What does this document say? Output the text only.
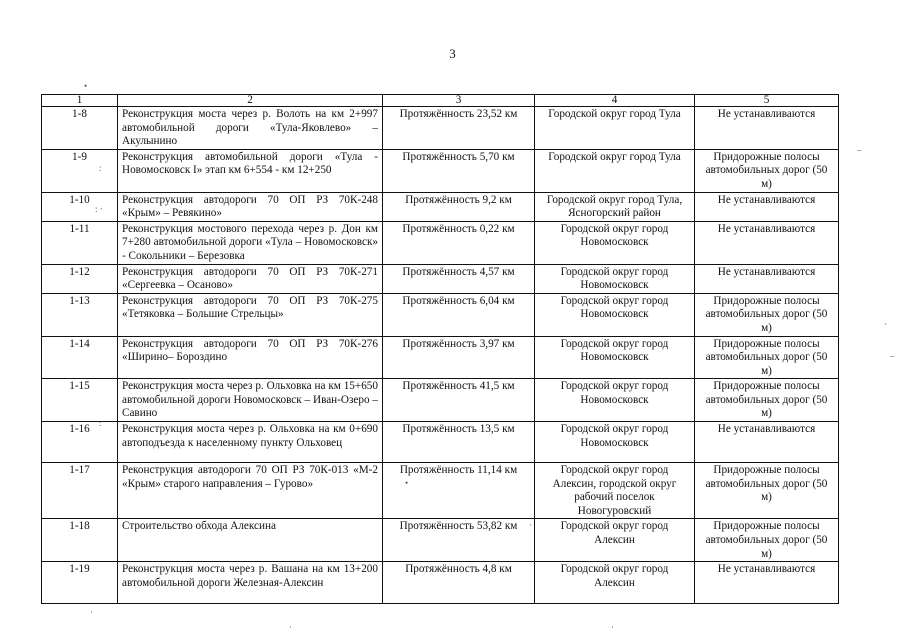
3
•
–
:
: ⋅
ˋ
–
:
•
·
·
·	·
1	2	3	4	5
1-8	Реконструкция моста через р. Волоть на км 2+997 автомобильной дороги «Тула-Яковлево» – Акулынино	Протяжённость 23,52 км	Городской округ город Тула	Не устанавливаются
1-9	Реконструкция автомобильной дороги «Тула - Новомосковск I» этап км 6+554 - км 12+250	Протяжённость 5,70 км	Городской округ город Тула	Придорожные полосы автомобильных дорог (50 м)
1-10	Реконструкция автодороги 70 ОП РЗ 70К-248 «Крым» – Ревякино»	Протяжённость 9,2 км	Городской округ город Тула, Ясногорский район	Не устанавливаются
1-11	Реконструкция мостового перехода через р. Дон км 7+280 автомобильной дороги «Тула – Новомосковск» - Сокольники – Березовка	Протяжённость 0,22 км	Городской округ город Новомосковск	Не устанавливаются
1-12	Реконструкция автодороги 70 ОП РЗ 70К-271 «Сергеевка – Осаново»	Протяжённость 4,57 км	Городской округ город Новомосковск	Не устанавливаются
1-13	Реконструкция автодороги 70 ОП РЗ 70К-275 «Тетяковка – Большие Стрельцы»	Протяжённость 6,04 км	Городской округ город Новомосковск	Придорожные полосы автомобильных дорог (50 м)
1-14	Реконструкция автодороги 70 ОП РЗ 70К-276 «Ширино– Бороздино	Протяжённость 3,97 км	Городской округ город Новомосковск	Придорожные полосы автомобильных дорог (50 м)
1-15	Реконструкция моста через р. Ольховка на км 15+650 автомобильной дороги Новомосковск – Иван-Озеро – Савино	Протяжённость 41,5 км	Городской округ город Новомосковск	Придорожные полосы автомобильных дорог (50 м)
1-16	Реконструкция моста через р. Ольховка на км 0+690 автоподъезда к населенному пункту Ольховец	Протяжённость 13,5 км	Городской округ город Новомосковск	Не устанавливаются
1-17	Реконструкция автодороги 70 ОП РЗ 70К-013 «М-2 «Крым» старого направления – Гурово»	Протяжённость 11,14 км	Городской округ город Алексин, городской округ рабочий поселок Новогуровский	Придорожные полосы автомобильных дорог (50 м)
1-18	Строительство обхода Алексина	Протяжённость 53,82 км	Городской округ город Алексин	Придорожные полосы автомобильных дорог (50 м)
1-19	Реконструкция моста через р. Вашана на км 13+200 автомобильной дороги Железная-Алексин	Протяжённость 4,8 км	Городской округ город Алексин	Не устанавливаются
